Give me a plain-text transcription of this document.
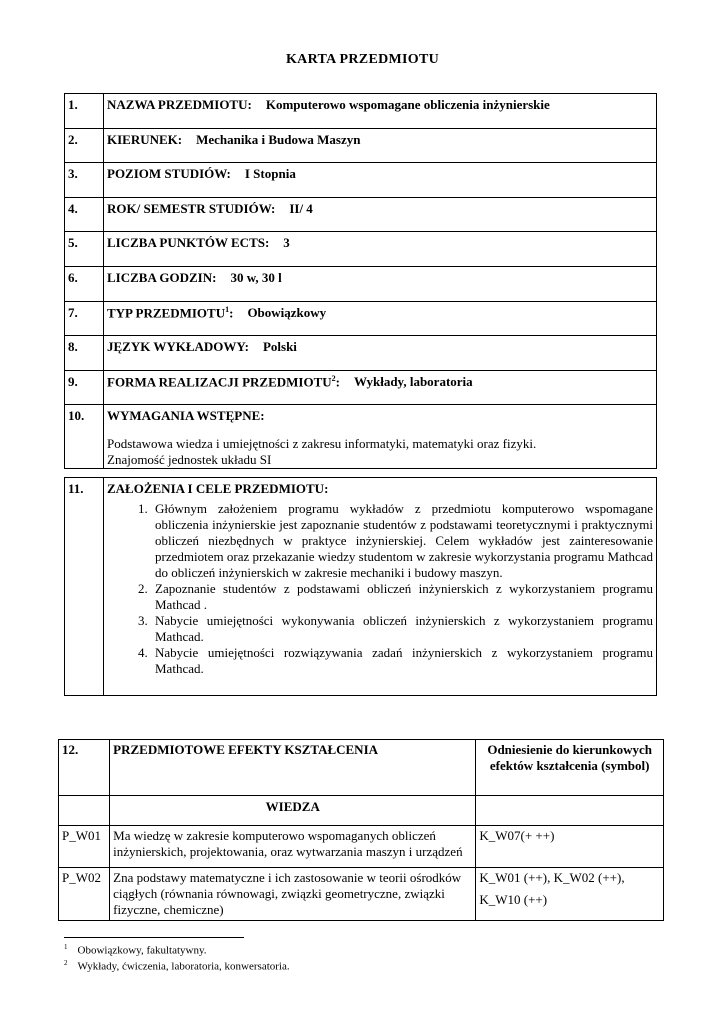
KARTA PRZEDMIOTU
1.	NAZWA PRZEDMIOTU: Komputerowo wspomagane obliczenia inżynierskie
2.	KIERUNEK: Mechanika i Budowa Maszyn
3.	POZIOM STUDIÓW: I Stopnia
4.	ROK/ SEMESTR STUDIÓW: II/ 4
5.	LICZBA PUNKTÓW ECTS: 3
6.	LICZBA GODZIN: 30 w, 30 l
7.	TYP PRZEDMIOTU$^1$: Obowiązkowy
8.	JĘZYK WYKŁADOWY: Polski
9.	FORMA REALIZACJI PRZEDMIOTU$^2$: Wykłady, laboratoria
10.	WYMAGANIA WSTĘPNE:
Podstawowa wiedza i umiejętności z zakresu informatyki, matematyki oraz fizyki.
Znajomość jednostek układu SI
11.	ZAŁOŻENIA I CELE PRZEDMIOTU:
1. Głównym założeniem programu wykładów z przedmiotu komputerowo wspomagane obliczenia inżynierskie jest zapoznanie studentów z podstawami teoretycznymi i praktycznymi obliczeń niezbędnych w praktyce inżynierskiej. Celem wykładów jest zainteresowanie przedmiotem oraz przekazanie wiedzy studentom w zakresie wykorzystania programu Mathcad do obliczeń inżynierskich w zakresie mechaniki i budowy maszyn.
2. Zapoznanie studentów z podstawami obliczeń inżynierskich z wykorzystaniem programu Mathcad .
3. Nabycie umiejętności wykonywania obliczeń inżynierskich z wykorzystaniem programu Mathcad.
4. Nabycie umiejętności rozwiązywania zadań inżynierskich z wykorzystaniem programu Mathcad.
12.	PRZEDMIOTOWE EFEKTY KSZTAŁCENIA	Odniesienie do kierunkowych efektów kształcenia (symbol)
	WIEDZA	
P_W01	Ma wiedzę w zakresie komputerowo wspomaganych obliczeń inżynierskich, projektowania, oraz wytwarzania maszyn i urządzeń	K_W07(+ ++)

P_W02	Zna podstawy matematyczne i ich zastosowanie w teorii ośrodków ciągłych (równania równowagi, związki geometryczne, związki fizyczne, chemiczne)	K_W01 (++), K_W02 (++),
K_W10 (++)
$^1$ Obowiązkowy, fakultatywny.
$^2$ Wykłady, ćwiczenia, laboratoria, konwersatoria.
